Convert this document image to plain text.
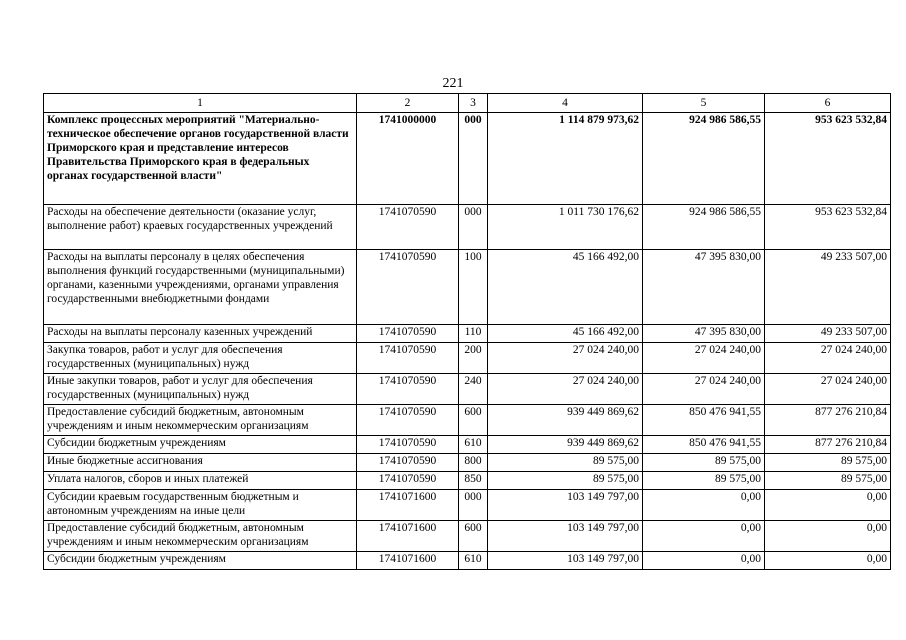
221
1	2	3	4	5	6
Комплекс процессных мероприятий "Материально-техническое обеспечение органов государственной власти Приморского края и представление интересов Правительства Приморского края в федеральных органах государственной власти"	1741000000	000	1 114 879 973,62	924 986 586,55	953 623 532,84
Расходы на обеспечение деятельности (оказание услуг, выполнение работ) краевых государственных учреждений	1741070590	000	1 011 730 176,62	924 986 586,55	953 623 532,84
Расходы на выплаты персоналу в целях обеспечения выполнения функций государственными (муниципальными) органами, казенными учреждениями, органами управления государственными внебюджетными фондами	1741070590	100	45 166 492,00	47 395 830,00	49 233 507,00
Расходы на выплаты персоналу казенных учреждений	1741070590	110	45 166 492,00	47 395 830,00	49 233 507,00
Закупка товаров, работ и услуг для обеспечения государственных (муниципальных) нужд	1741070590	200	27 024 240,00	27 024 240,00	27 024 240,00
Иные закупки товаров, работ и услуг для обеспечения государственных (муниципальных) нужд	1741070590	240	27 024 240,00	27 024 240,00	27 024 240,00
Предоставление субсидий бюджетным, автономным учреждениям и иным некоммерческим организациям	1741070590	600	939 449 869,62	850 476 941,55	877 276 210,84
Субсидии бюджетным учреждениям	1741070590	610	939 449 869,62	850 476 941,55	877 276 210,84
Иные бюджетные ассигнования	1741070590	800	89 575,00	89 575,00	89 575,00
Уплата налогов, сборов и иных платежей	1741070590	850	89 575,00	89 575,00	89 575,00
Субсидии краевым государственным бюджетным и автономным учреждениям на иные цели	1741071600	000	103 149 797,00	0,00	0,00
Предоставление субсидий бюджетным, автономным учреждениям и иным некоммерческим организациям	1741071600	600	103 149 797,00	0,00	0,00
Субсидии бюджетным учреждениям	1741071600	610	103 149 797,00	0,00	0,00
